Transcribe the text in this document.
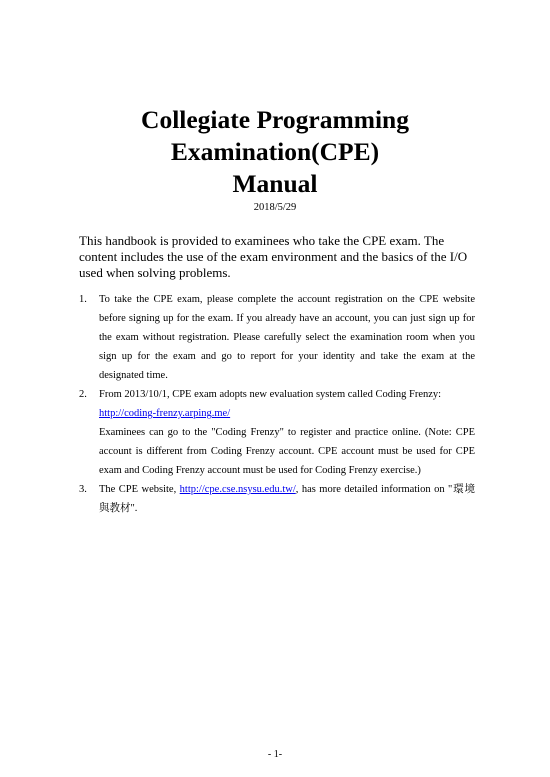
Collegiate Programming
Examination(CPE)
Manual
2018/5/29
This handbook is provided to examinees who take the CPE exam. The content includes the use of the exam environment and the basics of the I/O used when solving problems.
1. To take the CPE exam, please complete the account registration on the CPE website before signing up for the exam. If you already have an account, you can just sign up for the exam without registration. Please carefully select the examination room when you sign up for the exam and go to report for your identity and take the exam at the designated time.
2. From 2013/10/1, CPE exam adopts new evaluation system called Coding Frenzy:
http://coding-frenzy.arping.me/
Examinees can go to the "Coding Frenzy" to register and practice online. (Note: CPE account is different from Coding Frenzy account. CPE account must be used for CPE exam and Coding Frenzy account must be used for Coding Frenzy exercise.)
3. The CPE website, http://cpe.cse.nsysu.edu.tw/, has more detailed information on "環境與教材".
- 1-
